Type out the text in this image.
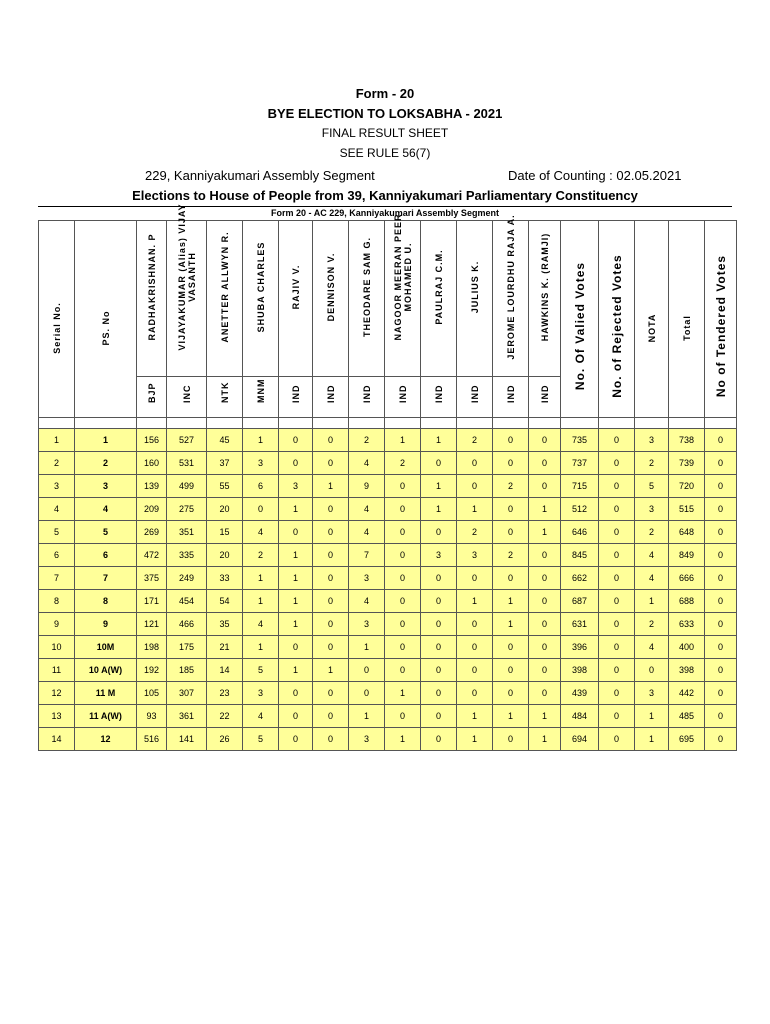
Form - 20
BYE ELECTION TO LOKSABHA - 2021
FINAL RESULT SHEET
SEE RULE 56(7)
229, Kanniyakumari Assembly Segment	Date of Counting : 02.05.2021
Elections to House of People from 39, Kanniyakumari Parliamentary Constituency
Form 20 - AC 229, Kanniyakumari Assembly Segment
Serial No.	PS. No	RADHAKRISHNAN. P	VIJAYAKUMAR (Alias) VIJAY VASANTH	ANETTER ALLWYN R.	SHUBA CHARLES	RAJIV V.	DENNISON V.	THEODARE SAM G.	NAGOOR MEERAN PEER MOHAMED U.	PAULRAJ C.M.	JULIUS K.	JEROME LOURDHU RAJA A.	HAWKINS K. (RAMJI)	No. Of Valied Votes	No. of Rejected Votes	NOTA	Total	No of Tendered Votes

		BJP	INC	NTK	MNM	IND	IND	IND	IND	IND	IND	IND	IND					

1	1	156	527	45	1	0	0	2	1	1	2	0	0	735	0	3	738	0
2	2	160	531	37	3	0	0	4	2	0	0	0	0	737	0	2	739	0
3	3	139	499	55	6	3	1	9	0	1	0	2	0	715	0	5	720	0
4	4	209	275	20	0	1	0	4	0	1	1	0	1	512	0	3	515	0
5	5	269	351	15	4	0	0	4	0	0	2	0	1	646	0	2	648	0
6	6	472	335	20	2	1	0	7	0	3	3	2	0	845	0	4	849	0
7	7	375	249	33	1	1	0	3	0	0	0	0	0	662	0	4	666	0
8	8	171	454	54	1	1	0	4	0	0	1	1	0	687	0	1	688	0
9	9	121	466	35	4	1	0	3	0	0	0	1	0	631	0	2	633	0
10	10M	198	175	21	1	0	0	1	0	0	0	0	0	396	0	4	400	0
11	10 A(W)	192	185	14	5	1	1	0	0	0	0	0	0	398	0	0	398	0
12	11 M	105	307	23	3	0	0	0	1	0	0	0	0	439	0	3	442	0
13	11 A(W)	93	361	22	4	0	0	1	0	0	1	1	1	484	0	1	485	0
14	12	516	141	26	5	0	0	3	1	0	1	0	1	694	0	1	695	0
